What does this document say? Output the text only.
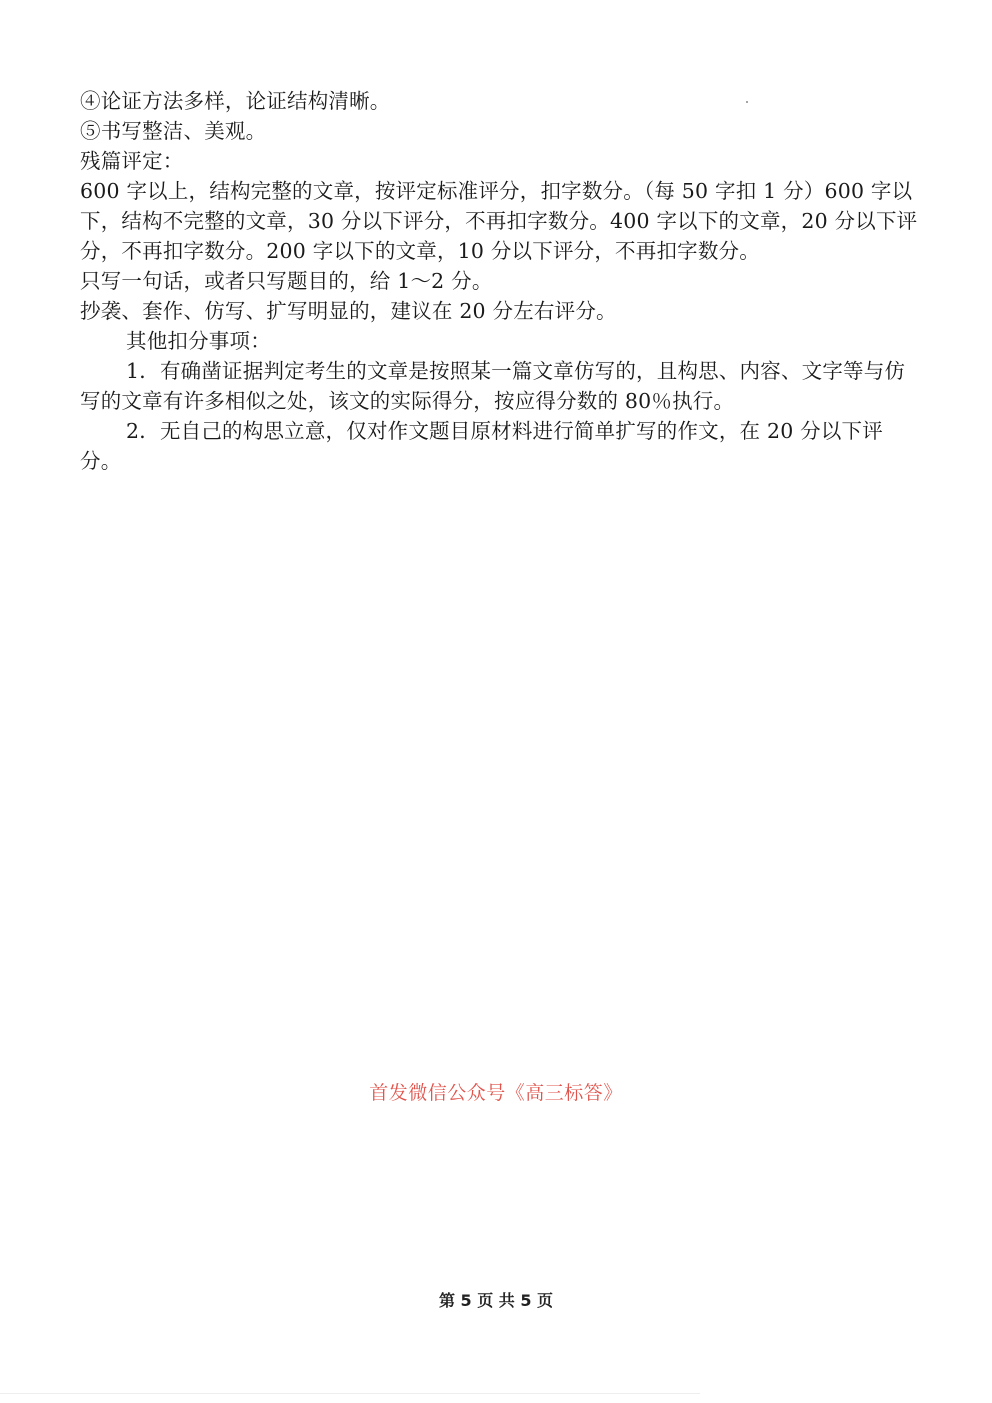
④论证方法多样，论证结构清晰。

⑤书写整洁、美观。

残篇评定：

600 字以上，结构完整的文章，按评定标准评分，扣字数分。（每 50 字扣 1 分）600 字以下，结构不完整的文章，30 分以下评分，不再扣字数分。400 字以下的文章，20 分以下评分，不再扣字数分。200 字以下的文章，10 分以下评分，不再扣字数分。

只写一句话，或者只写题目的，给 1～2 分。

抄袭、套作、仿写、扩写明显的，建议在 20 分左右评分。

其他扣分事项：

1．有确凿证据判定考生的文章是按照某一篇文章仿写的，且构思、内容、文字等与仿写的文章有许多相似之处，该文的实际得分，按应得分数的 80％执行。

2．无自己的构思立意，仅对作文题目原材料进行简单扩写的作文，在 20 分以下评分。

首发微信公众号《高三标答》
第 5 页 共 5 页
